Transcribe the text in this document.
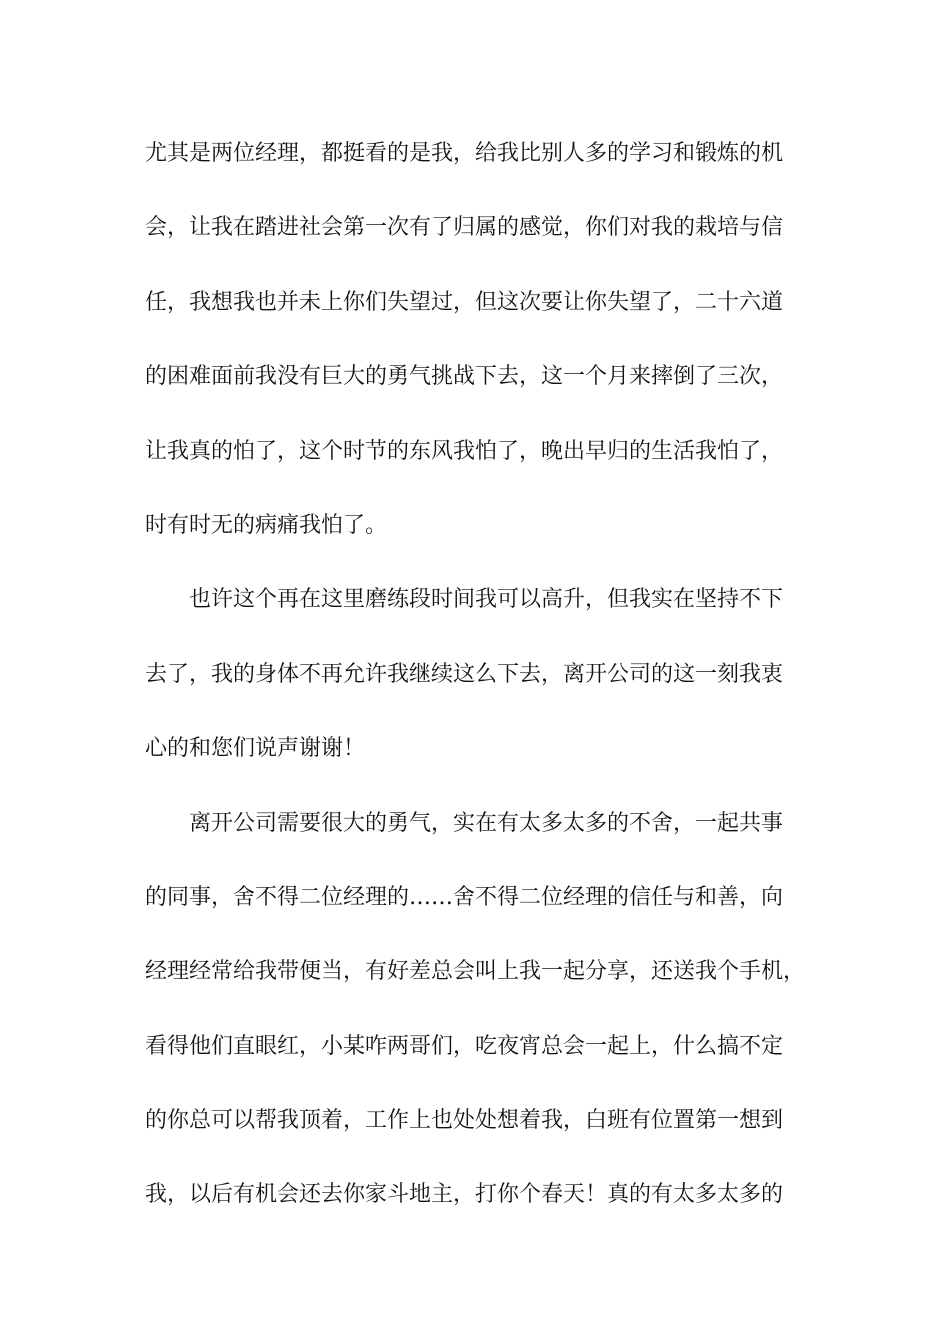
尤其是两位经理，都挺看的是我，给我比别人多的学习和锻炼的机
会，让我在踏进社会第一次有了归属的感觉，你们对我的栽培与信
任，我想我也并未上你们失望过，但这次要让你失望了，二十六道
的困难面前我没有巨大的勇气挑战下去，这一个月来摔倒了三次，
让我真的怕了，这个时节的东风我怕了，晚出早归的生活我怕了，
时有时无的病痛我怕了。
也许这个再在这里磨练段时间我可以高升，但我实在坚持不下
去了，我的身体不再允许我继续这么下去，离开公司的这一刻我衷
心的和您们说声谢谢！
离开公司需要很大的勇气，实在有太多太多的不舍，一起共事
的同事，舍不得二位经理的……舍不得二位经理的信任与和善，向
经理经常给我带便当，有好差总会叫上我一起分享，还送我个手机，
看得他们直眼红，小某咋两哥们，吃夜宵总会一起上，什么搞不定
的你总可以帮我顶着，工作上也处处想着我，白班有位置第一想到
我，以后有机会还去你家斗地主，打你个春天！真的有太多太多的
